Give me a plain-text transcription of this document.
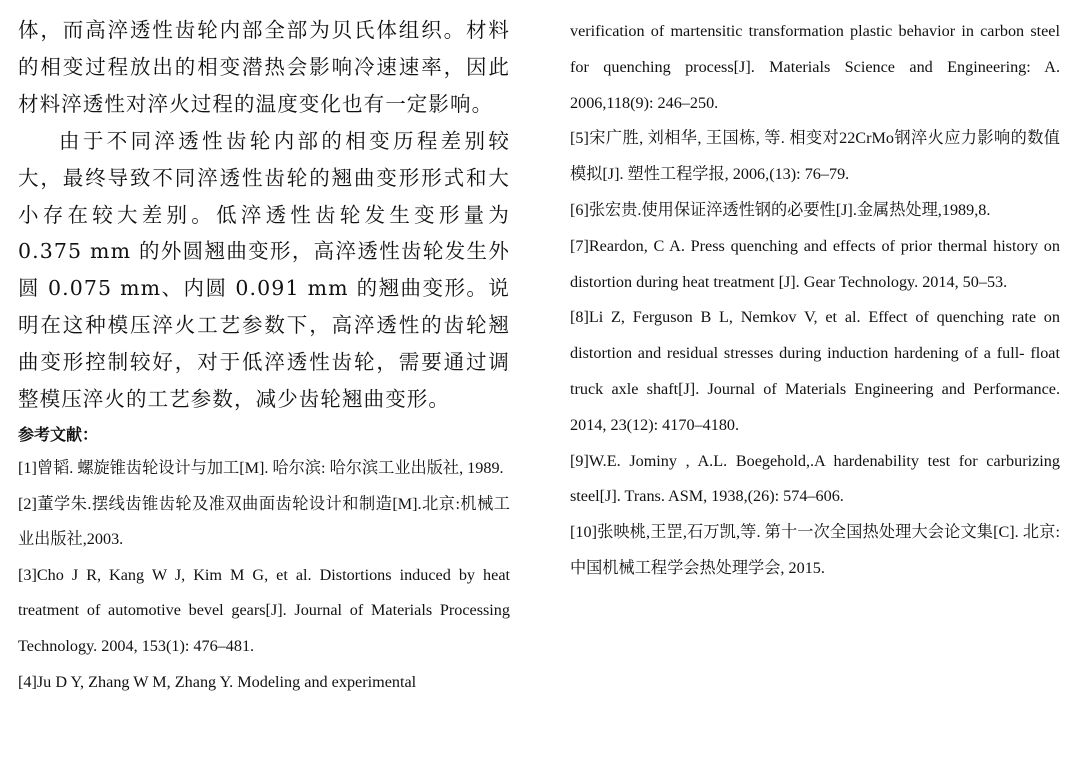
体，而高淬透性齿轮内部全部为贝氏体组织。材料的相变过程放出的相变潜热会影响冷速速率，因此材料淬透性对淬火过程的温度变化也有一定影响。

由于不同淬透性齿轮内部的相变历程差别较大，最终导致不同淬透性齿轮的翘曲变形形式和大小存在较大差别。低淬透性齿轮发生变形量为0.375 mm 的外圆翘曲变形，高淬透性齿轮发生外圆 0.075 mm、内圆 0.091 mm 的翘曲变形。说明在这种模压淬火工艺参数下，高淬透性的齿轮翘曲变形控制较好，对于低淬透性齿轮，需要通过调整模压淬火的工艺参数，减少齿轮翘曲变形。

参考文献：

[1]曾韬. 螺旋锥齿轮设计与加工[M]. 哈尔滨: 哈尔滨工业出版社, 1989.

[2]董学朱.摆线齿锥齿轮及准双曲面齿轮设计和制造[M].北京:机械工业出版社,2003.

[3]Cho J R, Kang W J, Kim M G, et al. Distortions induced by heat treatment of automotive bevel gears[J]. Journal of Materials Processing Technology. 2004, 153(1): 476–481.

[4]Ju D Y, Zhang W M, Zhang Y. Modeling and experimental

verification of martensitic transformation plastic behavior in carbon steel for quenching process[J]. Materials Science and Engineering: A. 2006,118(9): 246–250.

[5]宋广胜, 刘相华, 王国栋, 等. 相变对22CrMo钢淬火应力影响的数值模拟[J]. 塑性工程学报, 2006,(13): 76–79.

[6]张宏贵.使用保证淬透性钢的必要性[J].金属热处理,1989,8.

[7]Reardon, C A. Press quenching and effects of prior thermal history on distortion during heat treatment [J]. Gear Technology. 2014, 50–53.

[8]Li Z, Ferguson B L, Nemkov V, et al. Effect of quenching rate on distortion and residual stresses during induction hardening of a full- float truck axle shaft[J]. Journal of Materials Engineering and Performance. 2014, 23(12): 4170–4180.

[9]W.E. Jominy , A.L. Boegehold,.A hardenability test for carburizing steel[J]. Trans. ASM, 1938,(26): 574–606.

[10]张映桃,王罡,石万凯,等. 第十一次全国热处理大会论文集[C]. 北京: 中国机械工程学会热处理学会, 2015.
